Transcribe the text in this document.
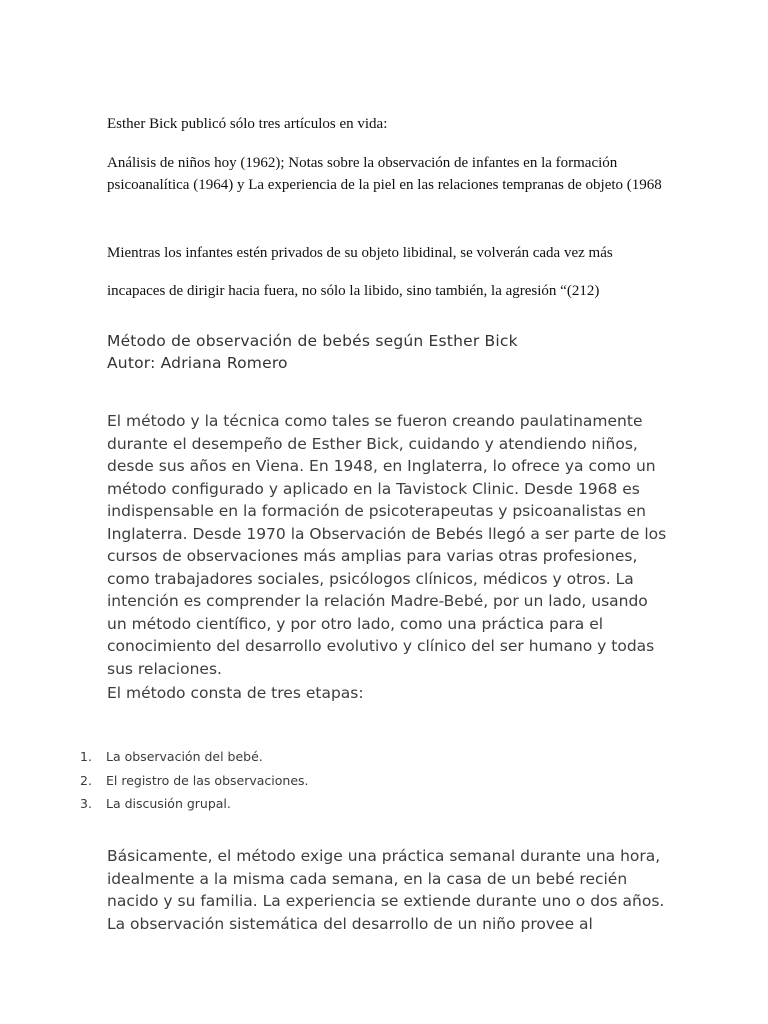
Esther Bick publicó sólo tres artículos en vida:
Análisis de niños hoy (1962); Notas sobre la observación de infantes en la formación psicoanalítica (1964) y La experiencia de la piel en las relaciones tempranas de objeto (1968
Mientras los infantes estén privados de su objeto libidinal, se volverán cada vez más
incapaces de dirigir hacia fuera, no sólo la libido, sino también, la agresión “(212)
Método de observación de bebés según Esther Bick
Autor: Adriana Romero
El método y la técnica como tales se fueron creando paulatinamente durante el desempeño de Esther Bick, cuidando y atendiendo niños, desde sus años en Viena. En 1948, en Inglaterra, lo ofrece ya como un método configurado y aplicado en la Tavistock Clinic. Desde 1968 es indispensable en la formación de psicoterapeutas y psicoanalistas en Inglaterra. Desde 1970 la Observación de Bebés llegó a ser parte de los cursos de observaciones más amplias para varias otras profesiones, como trabajadores sociales, psicólogos clínicos, médicos y otros. La intención es comprender la relación Madre-Bebé, por un lado, usando un método científico, y por otro lado, como una práctica para el conocimiento del desarrollo evolutivo y clínico del ser humano y todas sus relaciones.
El método consta de tres etapas:
1. La observación del bebé.
2. El registro de las observaciones.
3. La discusión grupal.
Básicamente, el método exige una práctica semanal durante una hora, idealmente a la misma cada semana, en la casa de un bebé recién nacido y su familia. La experiencia se extiende durante uno o dos años. La observación sistemática del desarrollo de un niño provee al
